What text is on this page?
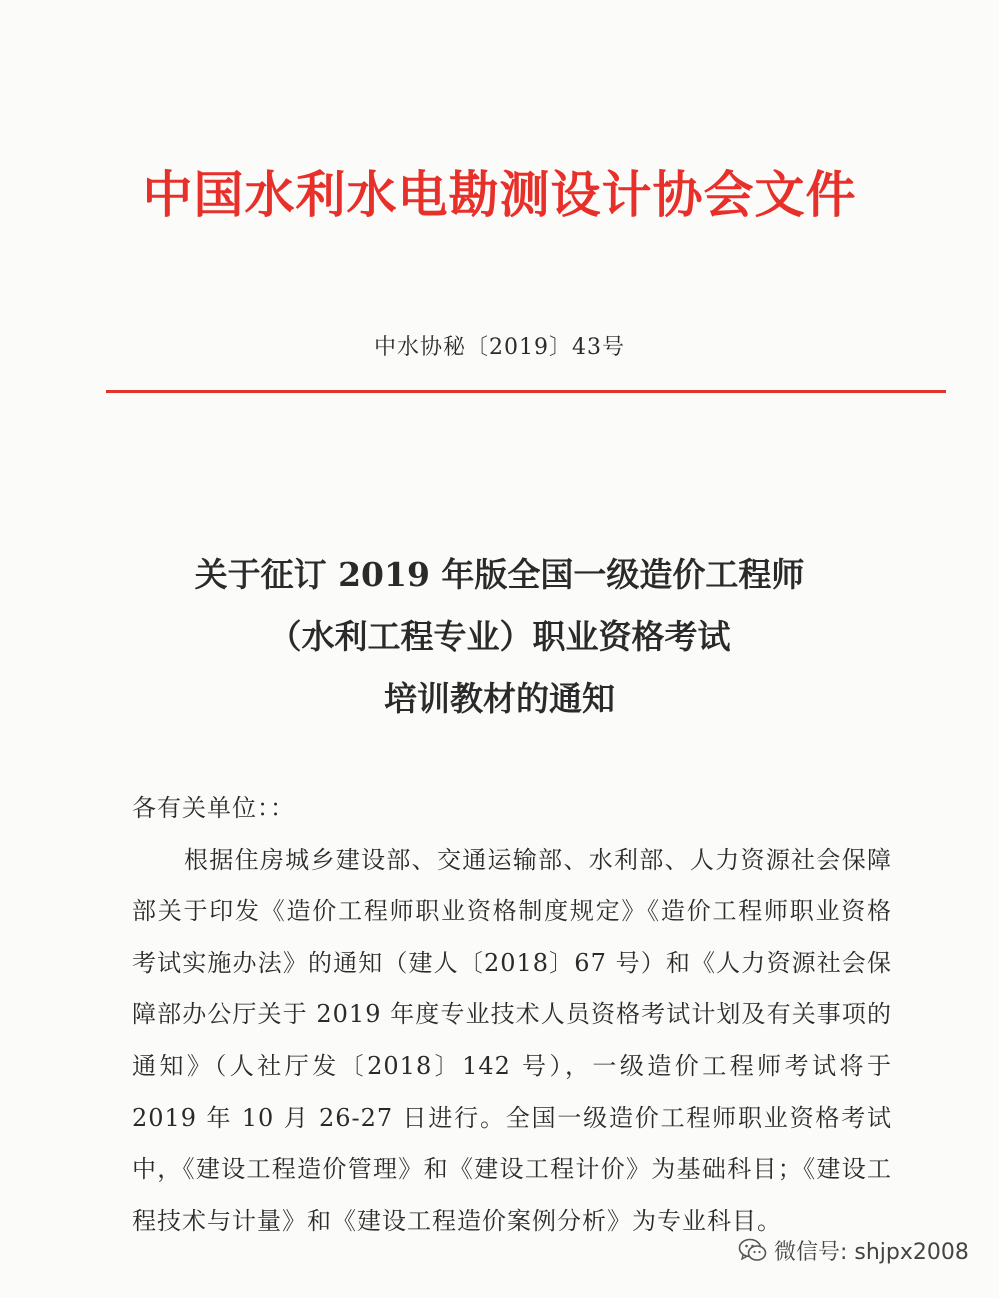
中国水利水电勘测设计协会文件
中水协秘〔2019〕43号
关于征订 2019 年版全国一级造价工程师
（水利工程专业）职业资格考试
培训教材的通知
各有关单位：：
根据住房城乡建设部、交通运输部、水利部、人力资源社会保障部关于印发《造价工程师职业资格制度规定》《造价工程师职业资格考试实施办法》的通知（建人〔2018〕67 号）和《人力资源社会保障部办公厅关于 2019 年度专业技术人员资格考试计划及有关事项的通知》（人社厅发〔2018〕142 号），一级造价工程师考试将于 2019 年 10 月 26-27 日进行。全国一级造价工程师职业资格考试中，《建设工程造价管理》和《建设工程计价》为基础科目；《建设工程技术与计量》和《建设工程造价案例分析》为专业科目。
微信号: shjpx2008
